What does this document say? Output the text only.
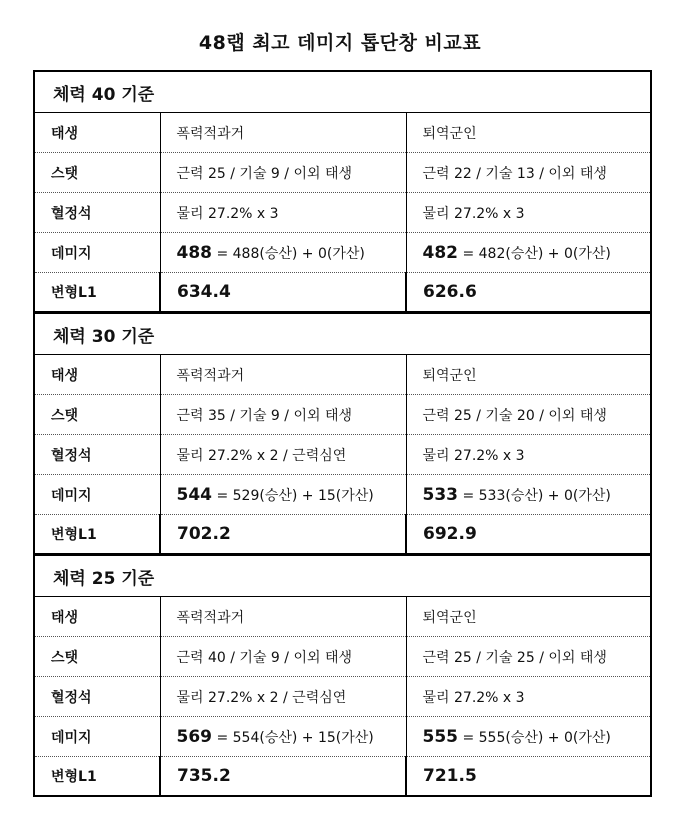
48랩 최고 데미지 톱단창 비교표
체력 40 기준		
태생	폭력적과거	퇴역군인
스탯	근력 25 / 기술 9 / 이외 태생	근력 22 / 기술 13 / 이외 태생
혈정석	물리 27.2% x 3	물리 27.2% x 3
데미지	488 = 488(승산) + 0(가산)	482 = 482(승산) + 0(가산)
변형L1	634.4	626.6
체력 30 기준		
태생	폭력적과거	퇴역군인
스탯	근력 35 / 기술 9 / 이외 태생	근력 25 / 기술 20 / 이외 태생
혈정석	물리 27.2% x 2 / 근력심연	물리 27.2% x 3
데미지	544 = 529(승산) + 15(가산)	533 = 533(승산) + 0(가산)
변형L1	702.2	692.9
체력 25 기준		
태생	폭력적과거	퇴역군인
스탯	근력 40 / 기술 9 / 이외 태생	근력 25 / 기술 25 / 이외 태생
혈정석	물리 27.2% x 2 / 근력심연	물리 27.2% x 3
데미지	569 = 554(승산) + 15(가산)	555 = 555(승산) + 0(가산)
변형L1	735.2	721.5
